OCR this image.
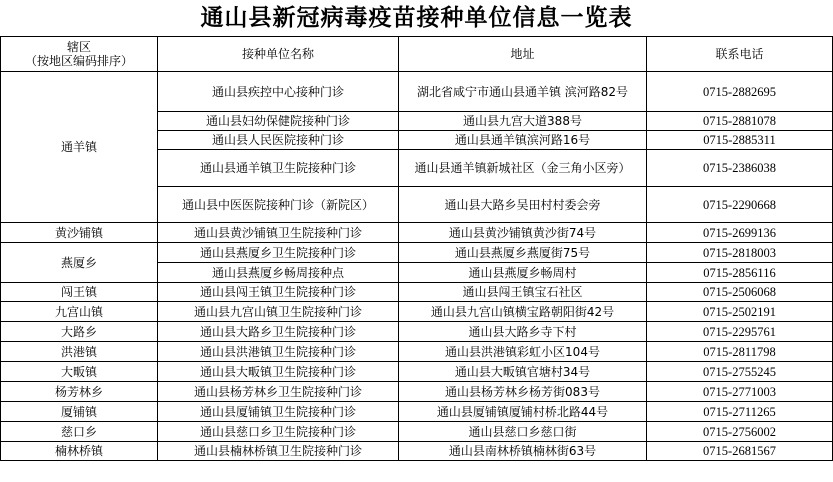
通山县新冠病毒疫苗接种单位信息一览表
辖区
（按地区编码排序）	接种单位名称	地址	联系电话
通羊镇	通山县疾控中心接种门诊	湖北省咸宁市通山县通羊镇 滨河路82号	0715-2882695
	通山县妇幼保健院接种门诊	通山县九宫大道388号	0715-2881078
	通山县人民医院接种门诊	通山县通羊镇滨河路16号	0715-2885311
	通山县通羊镇卫生院接种门诊	通山县通羊镇新城社区（金三角小区旁）	0715-2386038
	通山县中医医院接种门诊（新院区）	通山县大路乡吴田村村委会旁	0715-2290668
黄沙铺镇	通山县黄沙铺镇卫生院接种门诊	通山县黄沙铺镇黄沙街74号	0715-2699136
燕厦乡	通山县燕厦乡卫生院接种门诊	通山县燕厦乡燕厦街75号	0715-2818003
	通山县燕厦乡畅周接种点	通山县燕厦乡畅周村	0715-2856116
闯王镇	通山县闯王镇卫生院接种门诊	通山县闯王镇宝石社区	0715-2506068
九宫山镇	通山县九宫山镇卫生院接种门诊	通山县九宫山镇横宝路朝阳街42号	0715-2502191
大路乡	通山县大路乡卫生院接种门诊	通山县大路乡寺下村	0715-2295761
洪港镇	通山县洪港镇卫生院接种门诊	通山县洪港镇彩虹小区104号	0715-2811798
大畈镇	通山县大畈镇卫生院接种门诊	通山县大畈镇官塘村34号	0715-2755245
杨芳林乡	通山县杨芳林乡卫生院接种门诊	通山县杨芳林乡杨芳街083号	0715-2771003
厦铺镇	通山县厦铺镇卫生院接种门诊	通山县厦铺镇厦铺村桥北路44号	0715-2711265
慈口乡	通山县慈口乡卫生院接种门诊	通山县慈口乡慈口街	0715-2756002
楠林桥镇	通山县楠林桥镇卫生院接种门诊	通山县南林桥镇楠林街63号	0715-2681567
